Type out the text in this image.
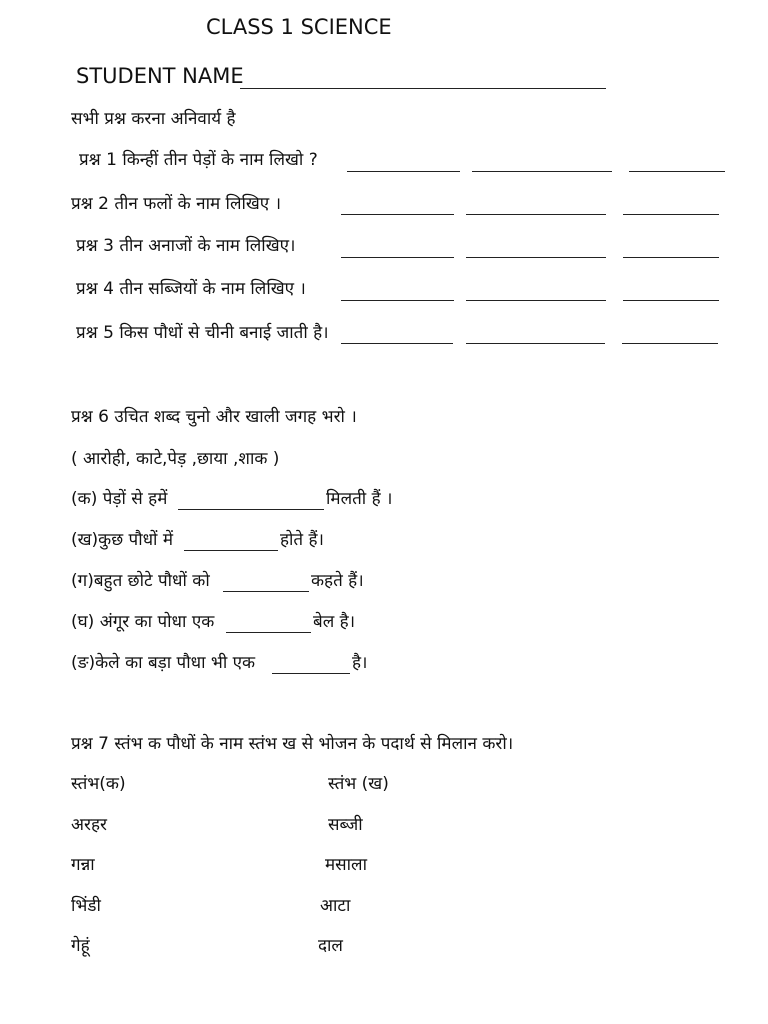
CLASS 1 SCIENCE
STUDENT NAME
सभी प्रश्न करना अनिवार्य है
प्रश्न 1 किन्हीं तीन पेड़ों के नाम लिखो ?
प्रश्न 2 तीन फलों के नाम लिखिए ।
प्रश्न 3 तीन अनाजों के नाम लिखिए।
प्रश्न 4 तीन सब्जियों के नाम लिखिए ।
प्रश्न 5 किस पौधों से चीनी बनाई जाती है।
प्रश्न 6 उचित शब्द चुनो और खाली जगह भरो ।
( आरोही, काटे,पेड़ ,छाया ,शाक )
(क) पेड़ों से हमें	मिलती हैं ।
(ख)कुछ पौधों में	होते हैं।
(ग)बहुत छोटे पौधों को	कहते हैं।
(घ) अंगूर का पोधा एक	बेल है।
(ङ)केले का बड़ा पौधा भी एक	है।
प्रश्न 7 स्तंभ क पौधों के नाम स्तंभ ख से भोजन के पदार्थ से मिलान करो।
स्तंभ(क)	स्तंभ (ख)
अरहर	सब्जी
गन्ना	मसाला
भिंडी	आटा
गेहूं	दाल
